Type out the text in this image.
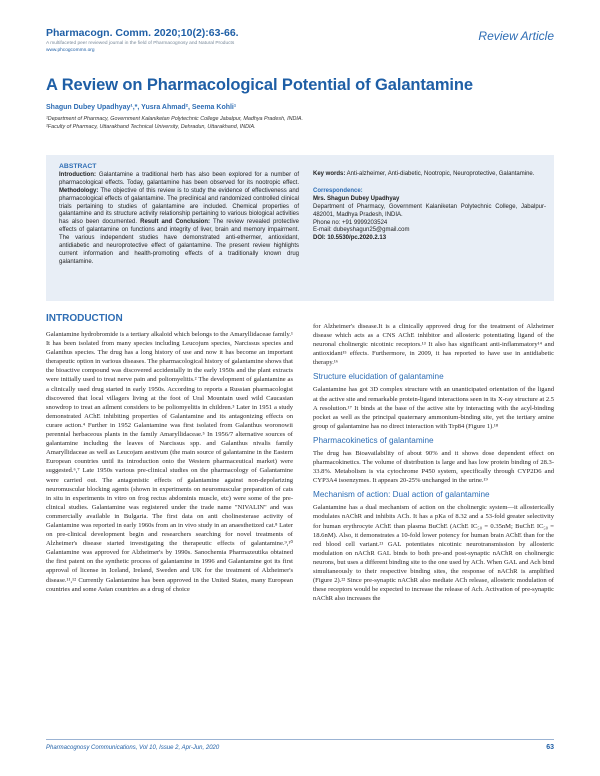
Pharmacogn. Comm. 2020;10(2):63-66.
A multifaceted peer reviewed journal in the field of Pharmacognosy and Natural Products
www.phcogcommn.org
Review Article
A Review on Pharmacological Potential of Galantamine
Shagun Dubey Upadhyay¹,*, Yusra Ahmad², Seema Kohli¹
¹Department of Pharmacy, Government Kalaniketan Polytechnic College Jabalpur, Madhya Pradesh, INDIA.
²Faculty of Pharmacy, Uttarakhand Technical University, Dehradun, Uttarakhand, INDIA.
ABSTRACT
Introduction: Galantamine a traditional herb has also been explored for a number of pharmacological effects. Today, galantamine has been observed for its nootropic effect. Methodology: The objective of this review is to study the evidence of effectiveness and pharmacological effects of galantamine. The preclinical and randomized controlled clinical trials pertaining to studies of galantamine are included. Chemical properties of galantamine and its structure activity relationship pertaining to various biological activities has also been documented. Result and Conclusion: The review revealed protective effects of galantamine on functions and integrity of liver, brain and memory impairment. The various independent studies have demonstrated anti-ethermer, antioxidant, antidiabetic and neuroprotective effect of galantamine. The present review highlights current information and health-promoting effects of a traditionally known drug galantamine.
Key words: Anti-alzheimer, Anti-diabetic, Nootropic, Neuroprotective, Galantamine.
Correspondence:
Mrs. Shagun Dubey Upadhyay
Department of Pharmacy, Government Kalaniketan Polytechnic College, Jabalpur-482001, Madhya Pradesh, INDIA.
Phone no: +91 9999203524
E-mail: dubeyshagun25@gmail.com
DOI: 10.5530/pc.2020.2.13
INTRODUCTION
Galantamine hydrobromide is a tertiary alkaloid which belongs to the Amaryllidaceae family.¹ It has been isolated from many species including Leucojum species, Narcissus species and Galanthus species. The drug has a long history of use and now it has become an important therapeutic option in various diseases. The pharmacological history of galantamine shows that the bioactive compound was discovered accidentally in the early 1950s and the plant extracts were initially used to treat nerve pain and poliomyelitis.² The development of galantamine as a clinically used drug started in early 1950s. According to reports a Russian pharmacologist discovered that local villagers living at the foot of Ural Mountain used wild Caucasian snowdrop to treat an ailment considers to be poliomyelitis in children.³ Later in 1951 a study demonstrated AChE inhibiting properties of Galantamine and its antagonizing effects on curare action.⁴ Further in 1952 Galantamine was first isolated from Galanthus woronowii perennial herbaceous plants in the family Amaryllidaceae.⁵ In 1956/7 alternative sources of galantamine including the leaves of Narcissus spp. and Galanthus nivalis family Amaryllidaceae as well as Leucojam aestivum (the main source of galantamine in the Eastern European countries until its introduction onto the Western pharmaceutical market) were suggested.⁶,⁷ Late 1950s various pre-clinical studies on the pharmacology of Galantamine were carried out. The antagonistic effects of galantamine against non-depolarizing neuromuscular blocking agents (shown in experiments on neuromuscular preparation of cats in situ in experiments in vitro on frog rectus abdominis muscle, etc) were some of the pre-clinical studies. Galantamine was registered under the trade name "NIVALIN" and was commercially available in Bulgaria. The first data on anti cholinesterase activity of Galantamine was reported in early 1960s from an in vivo study in an anaesthetized cat.⁸ Later on pre-clinical development begin and researchers searching for novel treatments of Alzheimer's disease started investigating the therapeutic effects of galantamine.⁹,¹⁰ Galantamine was approved for Alzheimer's by 1990s. Sanochemia Pharmazeutika obtained the first patent on the synthetic process of galantamine in 1996 and Galantamine got its first approval of license in Iceland, Ireland, Sweden and UK for the treatment of Alzheimer's disease.¹¹,¹² Currently Galantamine has been approved in the United States, many European countries and some Asian countries as a drug of choice

for Alzheimer's disease.It is a clinically approved drug for the treatment of Alzheimer disease which acts as a CNS AChE inhibitor and allosteric potentiating ligand of the neuronal cholinergic nicotinic receptors.¹³ It also has significant anti-inflammatory¹⁴ and antioxidant¹⁵ effects. Furthermore, in 2009, it has reported to have use in antidiabetic therapy.¹⁶

Structure elucidation of galantamine

Galantamine has got 3D complex structure with an unanticipated orientation of the ligand at the active site and remarkable protein-ligand interactions seen in its X-ray structure at 2.5 A resolution.¹⁷ It binds at the base of the active site by interacting with the acyl-binding pocket as well as the principal quaternary ammonium-binding site, yet the tertiary amine group of galantamine has no direct interaction with Trp84 (Figure 1).¹⁸

Pharmacokinetics of galantamine

The drug has Bioavailability of about 90% and it shows dose dependent effect on pharmacokinetics. The volume of distribution is large and has low protein binding of 28.3-33.8%. Metabolism is via cytochrome P450 system, specifically through CYP2D6 and CYP3A4 isoenzymes. It appears 20-25% unchanged in the urine.¹⁹

Mechanism of action: Dual action of galantamine

Galantamine has a dual mechanism of action on the cholinergic system—it allosterically modulates nAChR and inhibits ACh. It has a pKa of 8.32 and a 53-fold greater selectivity for human erythrocyte AChE than plasma BuChE (AChE IC₅₀ = 0.35nM; BuChE IC₅₀ = 18.6nM). Also, it demonstrates a 10-fold lower potency for human brain AChE than for the red blood cell variant.²¹ GAL potentiates nicotinic neurotransmission by allosteric modulation on nAChR GAL binds to both pre-and post-synaptic nAChR on cholinergic neurons, but uses a different binding site to the one used by ACh. When GAL and Ach bind simultaneously to their respective binding sites, the response of nAChR is amplified (Figure 2).²² Since pre-synaptic nAChR also mediate ACh release, allosteric modulation of these receptors would be expected to increase the release of Ach. Activation of pre-synaptic nAChR also increases the

Pharmacognosy Communications, Vol 10, Issue 2, Apr-Jun, 2020	63
